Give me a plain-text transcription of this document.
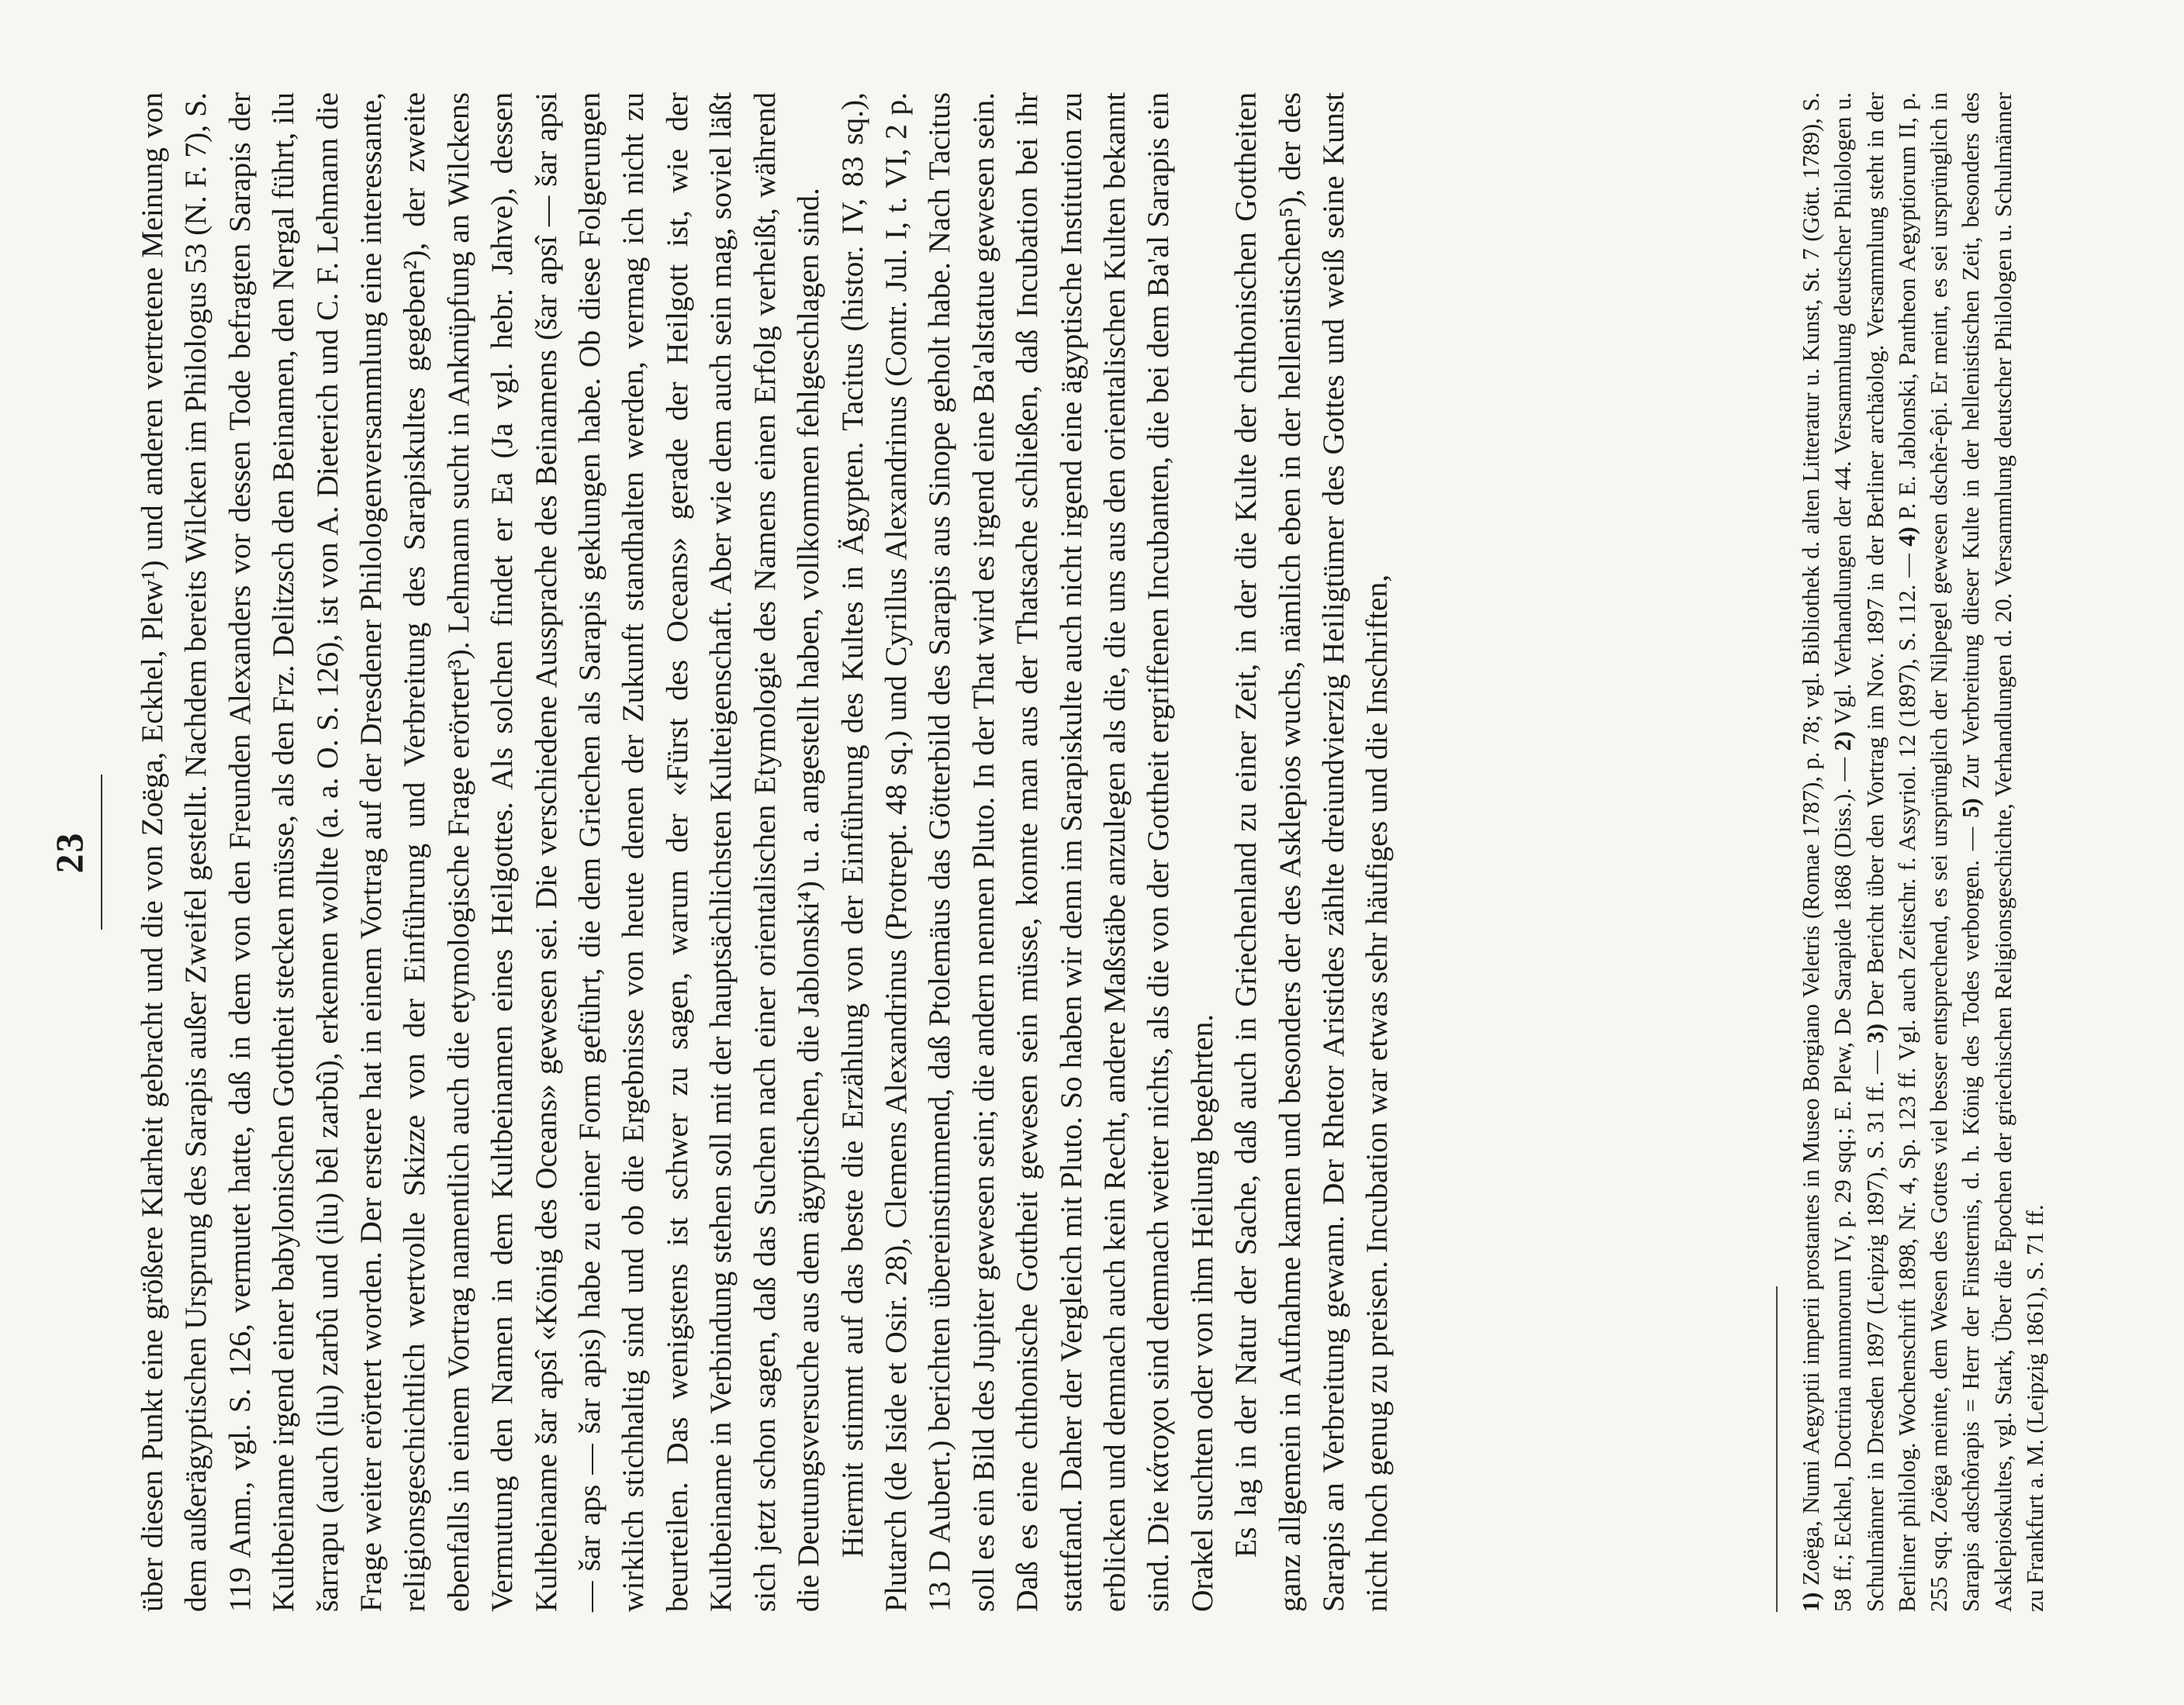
23 über diesen Punkt eine größere Klarheit gebracht und die von Zoëga, Eckhel, Plew¹) und anderen vertretene Meinung von dem außerägyptischen Ursprung des Sarapis außer Zweifel gestellt. Nachdem bereits Wilcken im Philologus 53 (N. F. 7), S. 119 Anm., vgl. S. 126, vermutet hatte, daß in dem von den Freunden Alexanders vor dessen Tode befragten Sarapis der Kultbeiname irgend einer babylonischen Gottheit stecken müsse, als den Frz. Delitzsch den Beinamen, den Nergal führt, ilu šarrapu (auch (ilu) zarbû und (ilu) bêl zarbû), erkennen wollte (a. a. O. S. 126), ist von A. Dieterich und C. F. Lehmann die Frage weiter erörtert worden. Der erstere hat in einem Vortrag auf der Dresdener Philologenversammlung eine interessante, religionsgeschichtlich wertvolle Skizze von der Einführung und Verbreitung des Sarapiskultes gegeben²), der zweite ebenfalls in einem Vortrag namentlich auch die etymologische Frage erörtert³). Lehmann sucht in Anknüpfung an Wilckens Vermutung den Namen in dem Kultbeinamen eines Heilgottes. Als solchen findet er Ea (Ja vgl. hebr. Jahve), dessen Kultbeiname šar apsî «König des Oceans» gewesen sei. Die verschiedene Aussprache des Beinamens (šar apsî — šar apsi — šar aps — šar apis) habe zu einer Form geführt, die dem Griechen als Sarapis geklungen habe. Ob diese Folgerungen wirklich stichhaltig sind und ob die Ergebnisse von heute denen der Zukunft standhalten werden, vermag ich nicht zu beurteilen. Das wenigstens ist schwer zu sagen, warum der «Fürst des Oceans» gerade der Heilgott ist, wie der Kultbeiname in Verbindung stehen soll mit der hauptsächlichsten Kulteigenschaft. Aber wie dem auch sein mag, soviel läßt sich jetzt schon sagen, daß das Suchen nach einer orientalischen Etymologie des Namens einen Erfolg verheißt, während die Deutungsversuche aus dem ägyptischen, die Jablonski⁴) u. a. angestellt haben, vollkommen fehlgeschlagen sind. Hiermit stimmt auf das beste die Erzählung von der Einführung des Kultes in Ägypten. Tacitus (histor. IV, 83 sq.), Plutarch (de Iside et Osir. 28), Clemens Alexandrinus (Protrept. 48 sq.) und Cyrillus Alexandrinus (Contr. Jul. I, t. VI, 2 p. 13 D Aubert.) berichten übereinstimmend, daß Ptolemäus das Götterbild des Sarapis aus Sinope geholt habe. Nach Tacitus soll es ein Bild des Jupiter gewesen sein; die andern nennen Pluto. In der That wird es irgend eine Ba'alstatue gewesen sein. Daß es eine chthonische Gottheit gewesen sein müsse, konnte man aus der Thatsache schließen, daß Incubation bei ihr stattfand. Daher der Vergleich mit Pluto. So haben wir denn im Sarapiskulte auch nicht irgend eine ägyptische Institution zu erblicken und demnach auch kein Recht, andere Maßstäbe anzulegen als die, die uns aus den orientalischen Kulten bekannt sind. Die κάτοχοι sind demnach weiter nichts, als die von der Gottheit ergriffenen Incubanten, die bei dem Ba'al Sarapis ein Orakel suchten oder von ihm Heilung begehrten. Es lag in der Natur der Sache, daß auch in Griechenland zu einer Zeit, in der die Kulte der chthonischen Gottheiten ganz allgemein in Aufnahme kamen und besonders der des Asklepios wuchs, nämlich eben in der hellenistischen⁵), der des Sarapis an Verbreitung gewann. Der Rhetor Aristides zählte dreiundvierzig Heiligtümer des Gottes und weiß seine Kunst nicht hoch genug zu preisen. Incubation war etwas sehr häufiges und die Inschriften,	1) Zoëga, Numi Aegyptii imperii prostantes in Museo Borgiano Veletris (Romae 1787), p. 78; vgl. Bibliothek d. alten Litteratur u. Kunst, St. 7 (Gött. 1789), S. 58 ff.; Eckhel, Doctrina nummorum IV, p. 29 sqq.; E. Plew, De Sarapide 1868 (Diss.). — 2) Vgl. Verhandlungen der 44. Versammlung deutscher Philologen u. Schulmänner in Dresden 1897 (Leipzig 1897), S. 31 ff. — 3) Der Bericht über den Vortrag im Nov. 1897 in der Berliner archäolog. Versammlung steht in der Berliner philolog. Wochenschrift 1898, Nr. 4, Sp. 123 ff. Vgl. auch Zeitschr. f. Assyriol. 12 (1897), S. 112. — 4) P. E. Jablonski, Pantheon Aegyptiorum II, p. 255 sqq. Zoëga meinte, dem Wesen des Gottes viel besser entsprechend, es sei ursprünglich der Nilpegel gewesen dschêr-êpi. Er meint, es sei ursprünglich in Sarapis adschôrapis = Herr der Finsternis, d. h. König des Todes verborgen. — 5) Zur Verbreitung dieser Kulte in der hellenistischen Zeit, besonders des Asklepioskultes, vgl. Stark, Über die Epochen der griechischen Religionsgeschichte, Verhandlungen d. 20. Versammlung deutscher Philologen u. Schulmänner zu Frankfurt a. M. (Leipzig 1861), S. 71 ff.
